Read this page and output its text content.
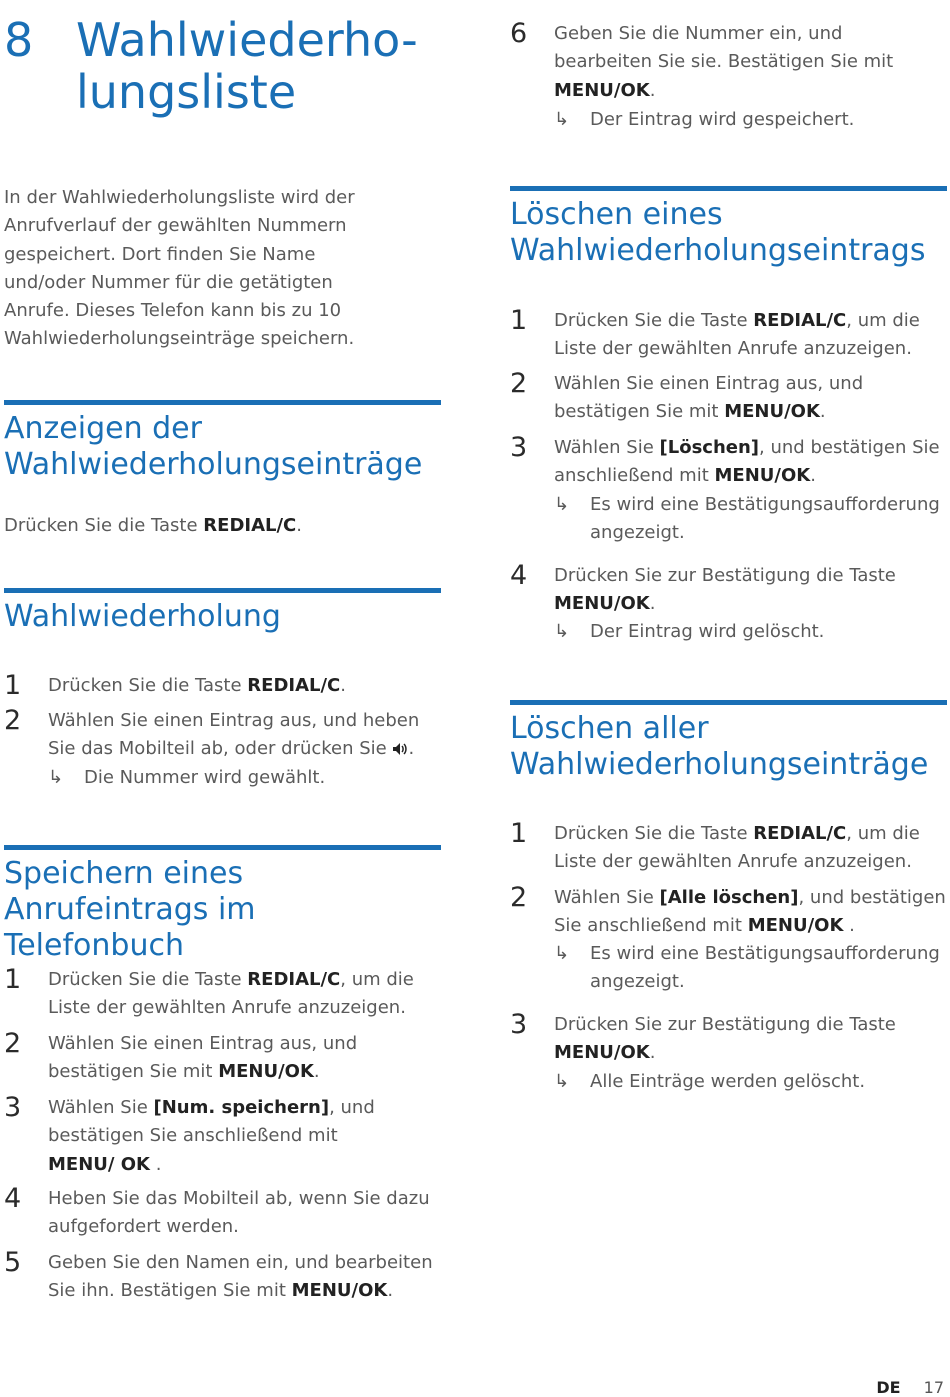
8 Wahlwiederho-
lungsliste
In der Wahlwiederholungsliste wird der Anrufverlauf der gewählten Nummern gespeichert. Dort finden Sie Name und/oder Nummer für die getätigten Anrufe. Dieses Telefon kann bis zu 10 Wahlwiederholungseinträge speichern.
Anzeigen der Wahlwiederholungseinträge
Drücken Sie die Taste REDIAL/C.
Wahlwiederholung
1 Drücken Sie die Taste REDIAL/C.
2 Wählen Sie einen Eintrag aus, und heben Sie das Mobilteil ab, oder drücken Sie .
↳ Die Nummer wird gewählt.
Speichern eines Anrufeintrags im Telefonbuch
1 Drücken Sie die Taste REDIAL/C, um die Liste der gewählten Anrufe anzuzeigen.
2 Wählen Sie einen Eintrag aus, und bestätigen Sie mit MENU/OK.
3 Wählen Sie [Num. speichern], und bestätigen Sie anschließend mit MENU/ OK .
4 Heben Sie das Mobilteil ab, wenn Sie dazu aufgefordert werden.
5 Geben Sie den Namen ein, und bearbeiten Sie ihn. Bestätigen Sie mit MENU/OK.
6 Geben Sie die Nummer ein, und bearbeiten Sie sie. Bestätigen Sie mit MENU/OK.
↳ Der Eintrag wird gespeichert.
Löschen eines Wahlwiederholungseintrags
1 Drücken Sie die Taste REDIAL/C, um die Liste der gewählten Anrufe anzuzeigen.
2 Wählen Sie einen Eintrag aus, und bestätigen Sie mit MENU/OK.
3 Wählen Sie [Löschen], und bestätigen Sie anschließend mit MENU/OK.
↳ Es wird eine Bestätigungsaufforderung angezeigt.
4 Drücken Sie zur Bestätigung die Taste MENU/OK.
↳ Der Eintrag wird gelöscht.
Löschen aller Wahlwiederholungseinträge
1 Drücken Sie die Taste REDIAL/C, um die Liste der gewählten Anrufe anzuzeigen.
2 Wählen Sie [Alle löschen], und bestätigen Sie anschließend mit MENU/OK .
↳ Es wird eine Bestätigungsaufforderung angezeigt.
3 Drücken Sie zur Bestätigung die Taste MENU/OK.
↳ Alle Einträge werden gelöscht.
DE 17
